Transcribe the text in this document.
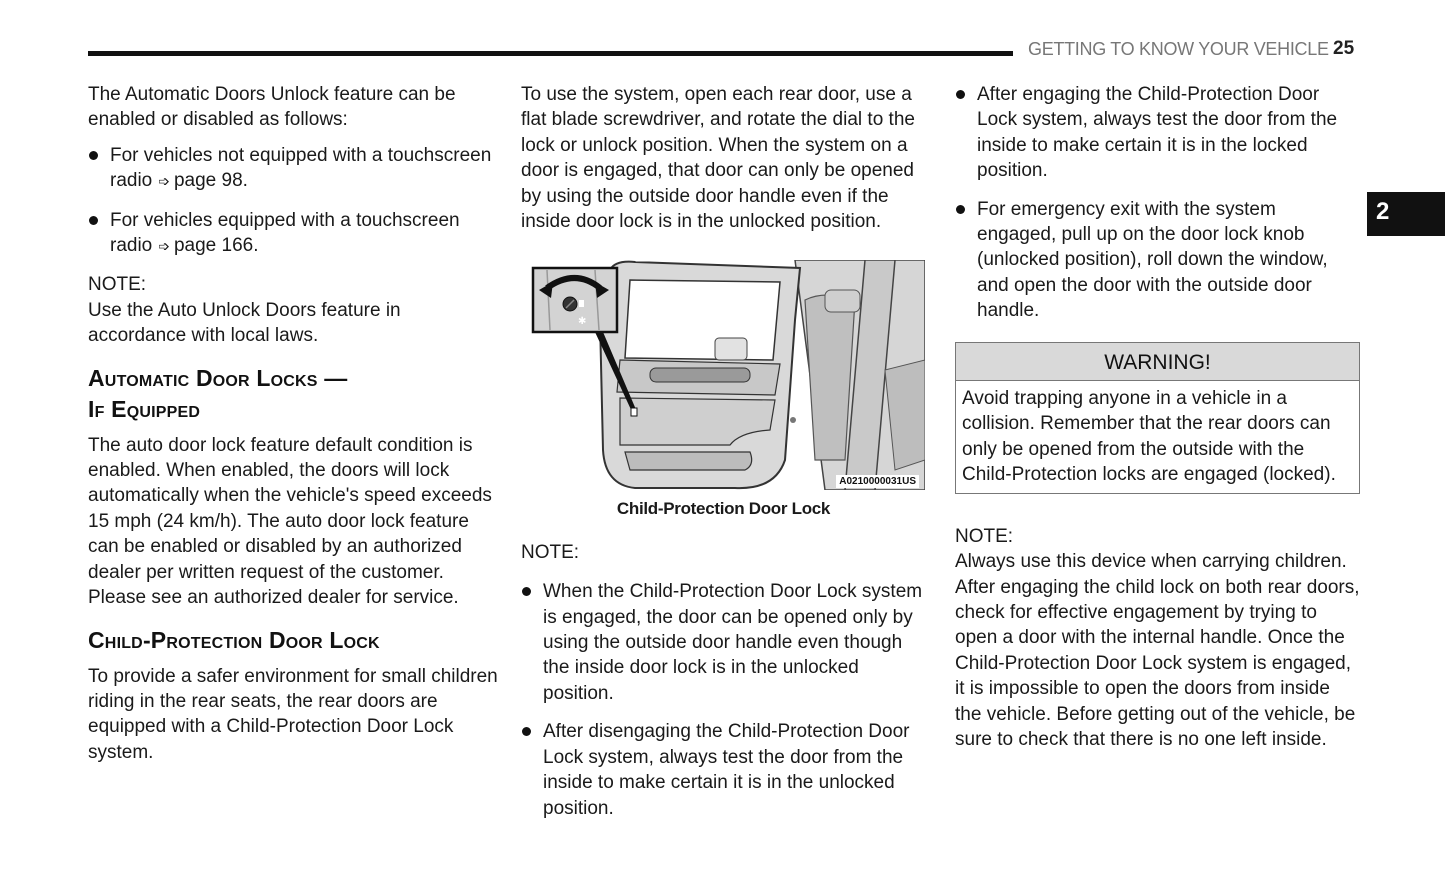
GETTING TO KNOW YOUR VEHICLE 25
2

The Automatic Doors Unlock feature can be enabled or disabled as follows:

For vehicles not equipped with a touchscreen radio ➩ page 98.
For vehicles equipped with a touchscreen radio ➩ page 166.

NOTE:

Use the Auto Unlock Doors feature in accordance with local laws.

Automatic Door Locks —
If Equipped

The auto door lock feature default condition is enabled. When enabled, the doors will lock automatically when the vehicle's speed exceeds 15 mph (24 km/h). The auto door lock feature can be enabled or disabled by an authorized dealer per written request of the customer. Please see an authorized dealer for service.

Child-Protection Door Lock

To provide a safer environment for small children riding in the rear seats, the rear doors are equipped with a Child-Protection Door Lock system.

To use the system, open each rear door, use a flat blade screwdriver, and rotate the dial to the lock or unlock position. When the system on a door is engaged, that door can only be opened by using the outside door handle even if the inside door lock is in the unlocked position.

✱
A0210000031US

Child-Protection Door Lock

NOTE:

When the Child-Protection Door Lock system is engaged, the door can be opened only by using the outside door handle even though the inside door lock is in the unlocked position.
After disengaging the Child-Protection Door Lock system, always test the door from the inside to make certain it is in the unlocked position.
After engaging the Child-Protection Door Lock system, always test the door from the inside to make certain it is in the locked position.
For emergency exit with the system engaged, pull up on the door lock knob (unlocked position), roll down the window, and open the door with the outside door handle.
WARNING!
Avoid trapping anyone in a vehicle in a collision. Remember that the rear doors can only be opened from the outside with the Child-Protection locks are engaged (locked).

NOTE:

Always use this device when carrying children. After engaging the child lock on both rear doors, check for effective engagement by trying to open a door with the internal handle. Once the Child-Protection Door Lock system is engaged, it is impossible to open the doors from inside the vehicle. Before getting out of the vehicle, be sure to check that there is no one left inside.
